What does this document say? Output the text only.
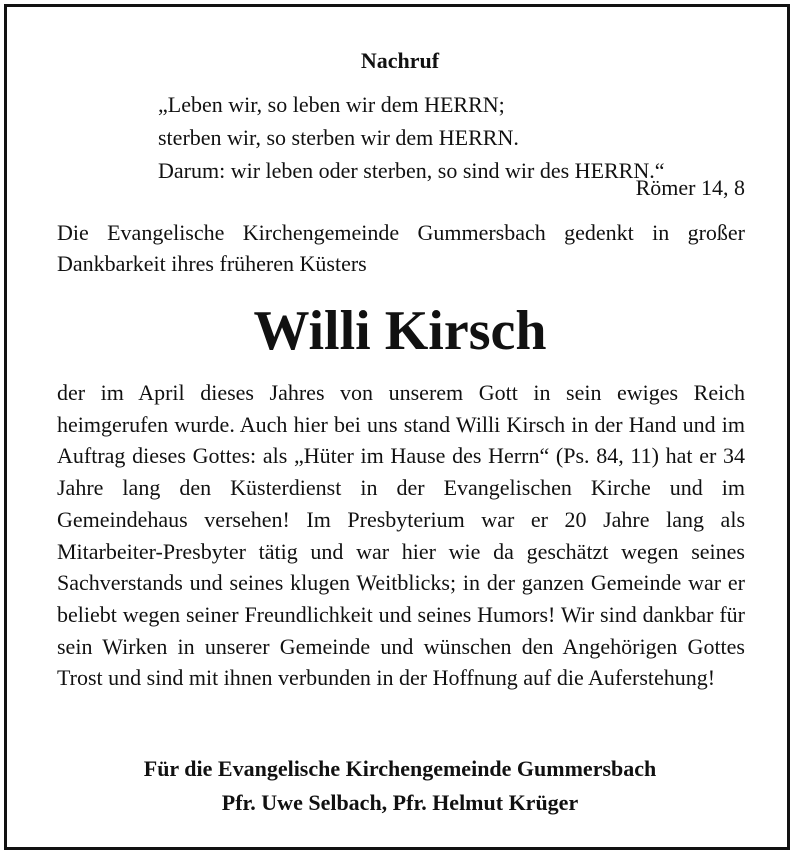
Nachruf
„Leben wir, so leben wir dem HERRN;
sterben wir, so sterben wir dem HERRN.
Darum: wir leben oder sterben, so sind wir des HERRN.“
Römer 14, 8
Die Evangelische Kirchengemeinde Gummersbach gedenkt in großer Dankbarkeit ihres früheren Küsters
Willi Kirsch
der im April dieses Jahres von unserem Gott in sein ewiges Reich heimgerufen wurde. Auch hier bei uns stand Willi Kirsch in der Hand und im Auftrag dieses Gottes: als „Hüter im Hause des Herrn“ (Ps. 84, 11) hat er 34 Jahre lang den Küsterdienst in der Evangelischen Kirche und im Gemeindehaus versehen! Im Presbyterium war er 20 Jahre lang als Mitarbeiter-Presbyter tätig und war hier wie da geschätzt wegen seines Sachverstands und seines klugen Weitblicks; in der ganzen Gemeinde war er beliebt wegen seiner Freundlichkeit und seines Humors! Wir sind dankbar für sein Wirken in unserer Gemeinde und wünschen den Angehörigen Gottes Trost und sind mit ihnen verbunden in der Hoffnung auf die Auferstehung!
Für die Evangelische Kirchengemeinde Gummersbach
Pfr. Uwe Selbach, Pfr. Helmut Krüger
